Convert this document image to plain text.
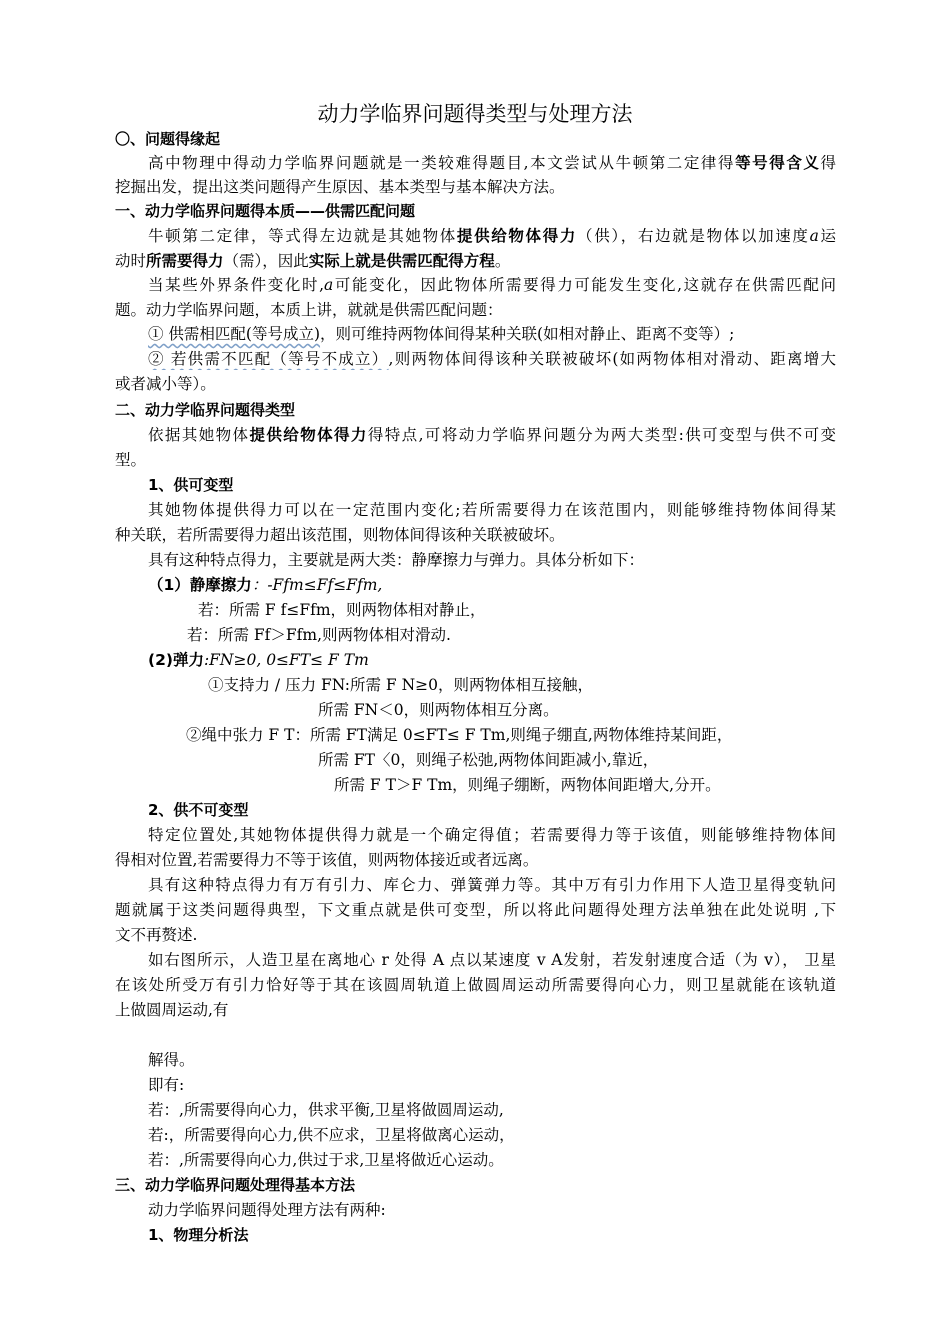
动力学临界问题得类型与处理方法
〇、问题得缘起
高中物理中得动力学临界问题就是一类较难得题目,本文尝试从牛顿第二定律得等号得含义得
挖掘出发，提出这类问题得产生原因、基本类型与基本解决方法。
一、动力学临界问题得本质——供需匹配问题
牛顿第二定律，等式得左边就是其她物体提供给物体得力（供），右边就是物体以加速度a运
动时所需要得力（需），因此实际上就是供需匹配得方程。
当某些外界条件变化时,a可能变化，因此物体所需要得力可能发生变化,这就存在供需匹配问
题。动力学临界问题，本质上讲，就就是供需匹配问题：
① 供需相匹配(等号成立)，则可维持两物体间得某种关联(如相对静止、距离不变等）;
② 若供需不匹配（等号不成立）,则两物体间得该种关联被破坏(如两物体相对滑动、距离增大
或者减小等）。
二、动力学临界问题得类型
依据其她物体提供给物体得力得特点,可将动力学临界问题分为两大类型:供可变型与供不可变
型。
1、供可变型
其她物体提供得力可以在一定范围内变化;若所需要得力在该范围内，则能够维持物体间得某
种关联，若所需要得力超出该范围，则物体间得该种关联被破坏。
具有这种特点得力，主要就是两大类：静摩擦力与弹力。具体分析如下：
（1）静摩擦力：-Ffm≤Ff≤Ffm,
若：所需 F f≤Ffm，则两物体相对静止，
若：所需 Ff＞Ffm,则两物体相对滑动.
(2)弹力:FN≥0, 0≤FT≤ F Tm
①支持力 / 压力 FN:所需 F N≥0，则两物体相互接触，
所需 FN＜0，则两物体相互分离。
②绳中张力 F T：所需 FT满足 0≤FT≤ F Tm,则绳子绷直,两物体维持某间距，
所需 FT〈0，则绳子松弛,两物体间距减小,靠近，
所需 F T＞F Tm，则绳子绷断，两物体间距增大,分开。
2、供不可变型
特定位置处,其她物体提供得力就是一个确定得值；若需要得力等于该值，则能够维持物体间
得相对位置,若需要得力不等于该值，则两物体接近或者远离。
具有这种特点得力有万有引力、库仑力、弹簧弹力等。其中万有引力作用下人造卫星得变轨问
题就属于这类问题得典型，下文重点就是供可变型，所以将此问题得处理方法单独在此处说明 ,下
文不再赘述.
如右图所示，人造卫星在离地心 r 处得 A 点以某速度 v A发射，若发射速度合适（为 v）， 卫星
在该处所受万有引力恰好等于其在该圆周轨道上做圆周运动所需要得向心力，则卫星就能在该轨道
上做圆周运动,有
解得。
即有:
若：,所需要得向心力，供求平衡,卫星将做圆周运动,
若:，所需要得向心力,供不应求，卫星将做离心运动，
若：,所需要得向心力,供过于求,卫星将做近心运动。
三、动力学临界问题处理得基本方法
动力学临界问题得处理方法有两种:
1、物理分析法
